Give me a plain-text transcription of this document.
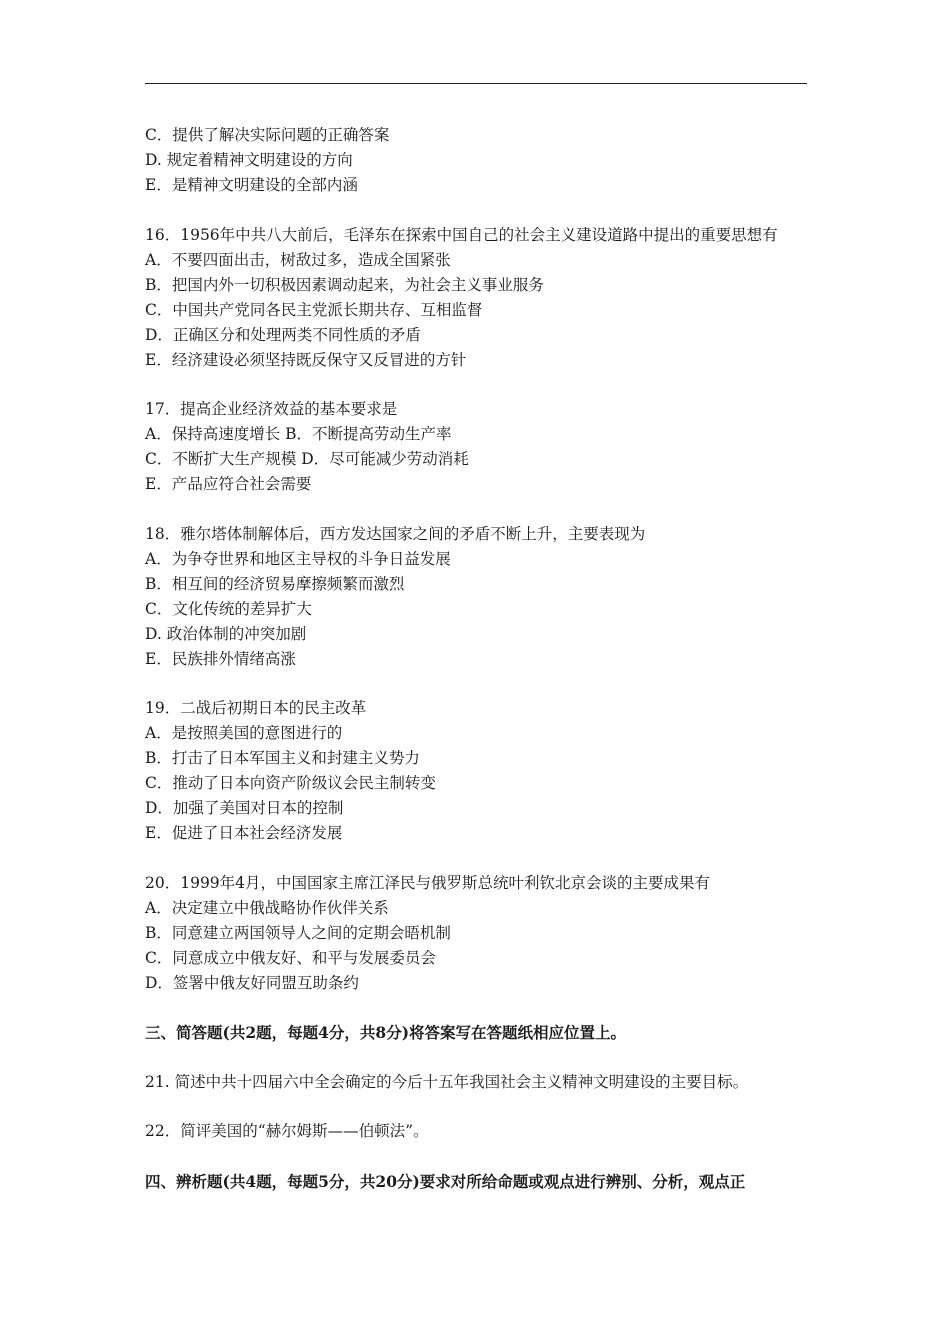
C．提供了解决实际问题的正确答案
D. 规定着精神文明建设的方向
E．是精神文明建设的全部内涵
16．1956年中共八大前后，毛泽东在探索中国自己的社会主义建设道路中提出的重要思想有
A．不要四面出击，树敌过多，造成全国紧张
B．把国内外一切积极因素调动起来，为社会主义事业服务
C．中国共产党同各民主党派长期共存、互相监督
D．正确区分和处理两类不同性质的矛盾
E．经济建设必须坚持既反保守又反冒进的方针
17．提高企业经济效益的基本要求是
A．保持高速度增长 B．不断提高劳动生产率
C．不断扩大生产规模 D．尽可能减少劳动消耗
E．产品应符合社会需要
18．雅尔塔体制解体后，西方发达国家之间的矛盾不断上升，主要表现为
A．为争夺世界和地区主导权的斗争日益发展
B．相互间的经济贸易摩擦频繁而激烈
C．文化传统的差异扩大
D. 政治体制的冲突加剧
E．民族排外情绪高涨
19．二战后初期日本的民主改革
A．是按照美国的意图进行的
B．打击了日本军国主义和封建主义势力
C．推动了日本向资产阶级议会民主制转变
D．加强了美国对日本的控制
E．促进了日本社会经济发展
20．1999年4月，中国国家主席江泽民与俄罗斯总统叶利钦北京会谈的主要成果有
A．决定建立中俄战略协作伙伴关系
B．同意建立两国领导人之间的定期会晤机制
C．同意成立中俄友好、和平与发展委员会
D．签署中俄友好同盟互助条约
三、简答题(共2题，每题4分，共8分)将答案写在答题纸相应位置上。
21. 简述中共十四届六中全会确定的今后十五年我国社会主义精神文明建设的主要目标。
22．简评美国的“赫尔姆斯——伯顿法”。
四、辨析题(共4题，每题5分，共20分)要求对所给命题或观点进行辨别、分析，观点正
